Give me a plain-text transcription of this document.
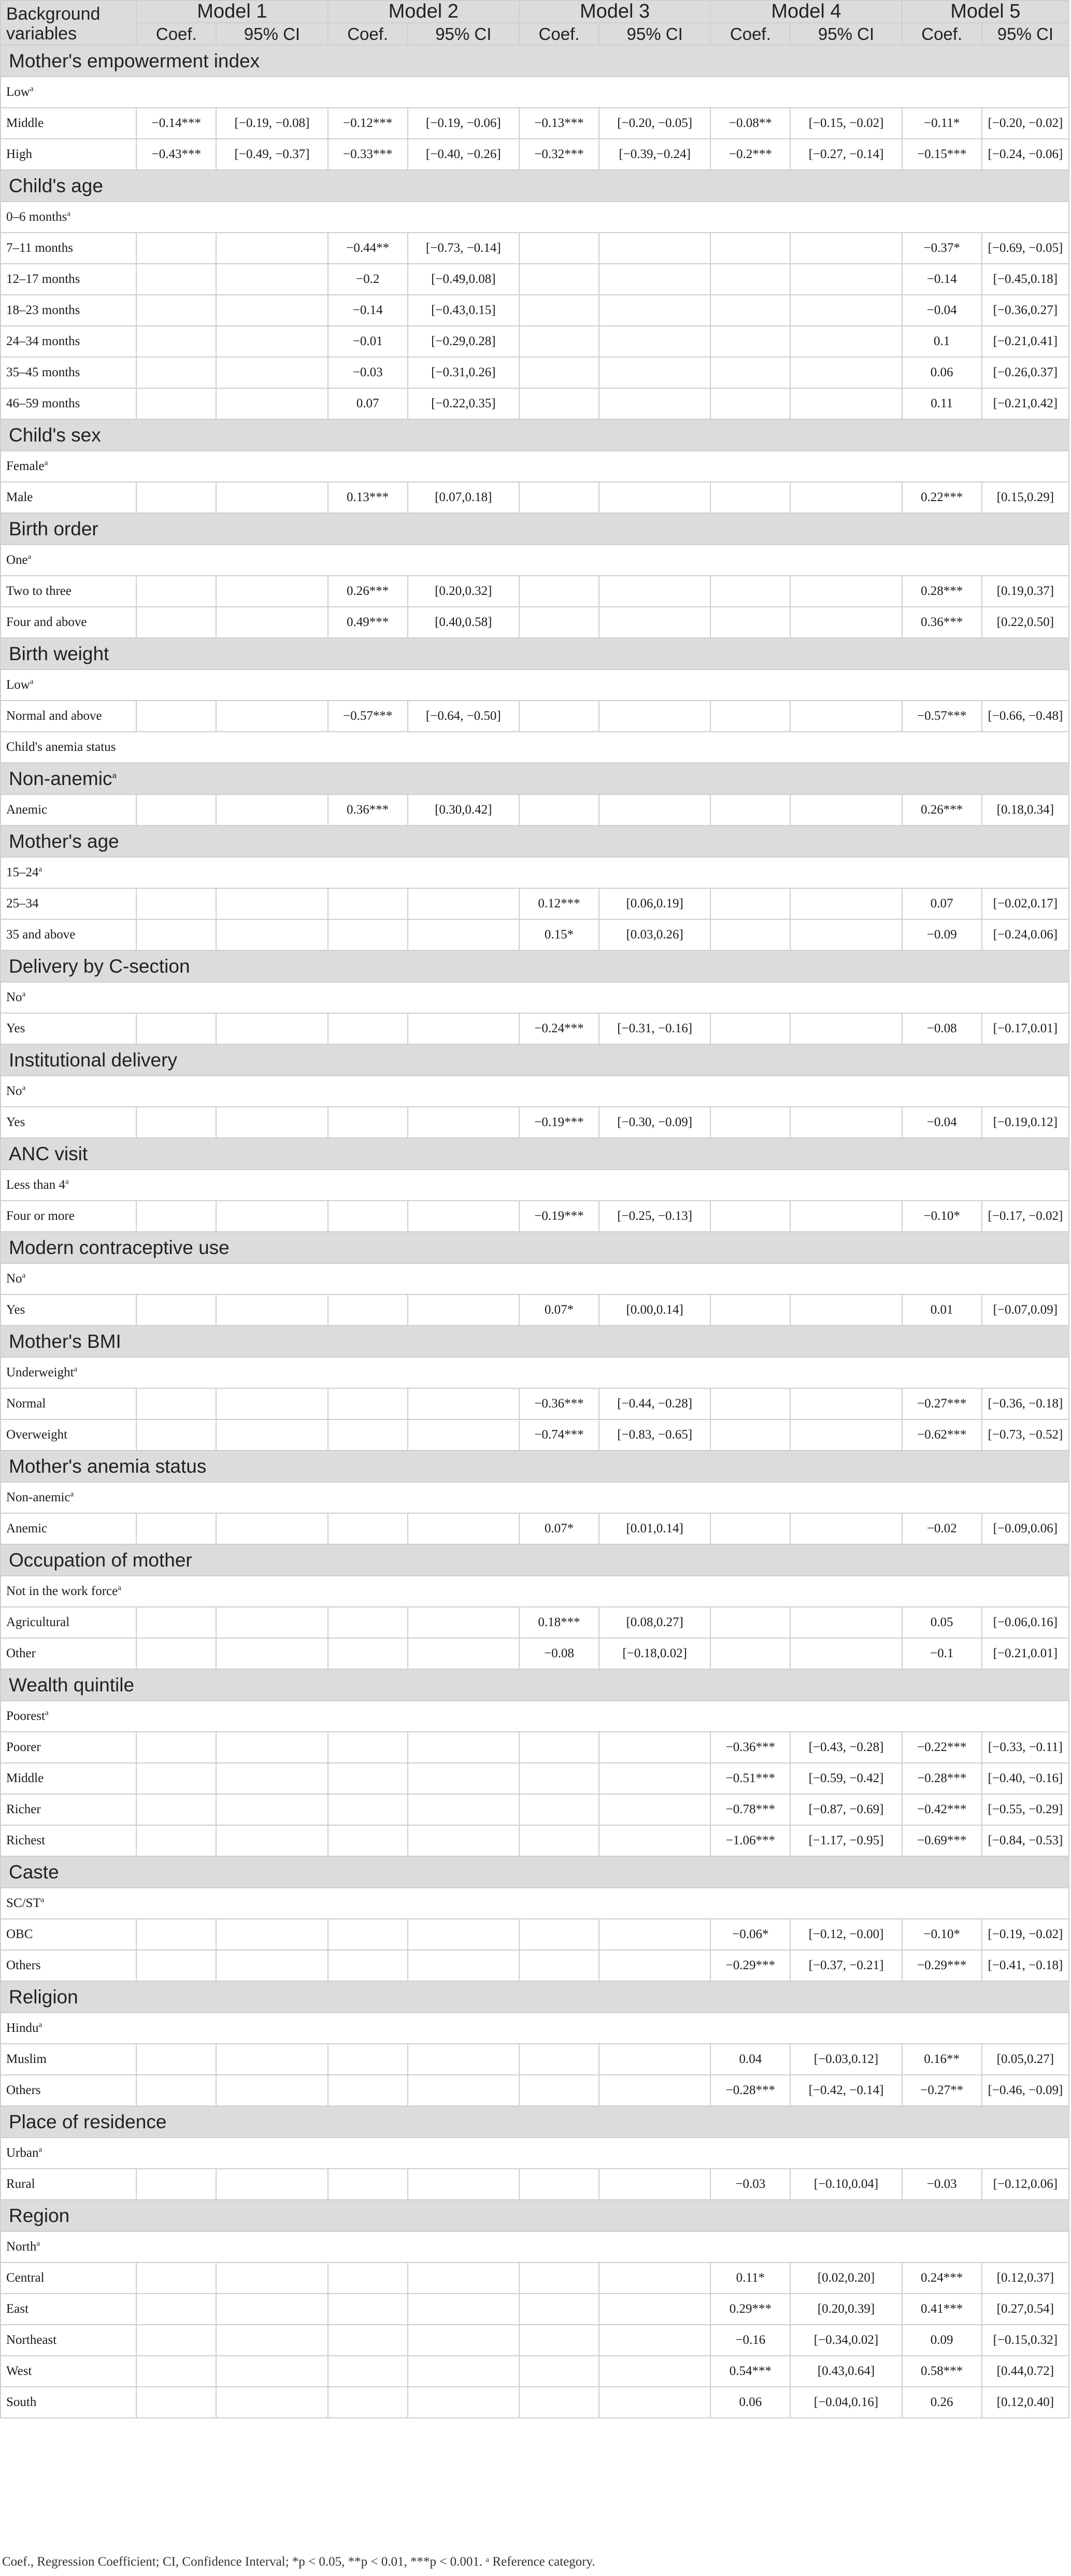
Background variables	Model 1		Model 2		Model 3		Model 4		Model 5	
	Coef.	95% CI	Coef.	95% CI	Coef.	95% CI	Coef.	95% CI	Coef.	95% CI
Mother's empowerment index										
Low$^a$
Middle	−0.14***	[−0.19, −0.08]	−0.12***	[−0.19, −0.06]	−0.13***	[−0.20, −0.05]	−0.08**	[−0.15, −0.02]	−0.11*	[−0.20, −0.02]
High	−0.43***	[−0.49, −0.37]	−0.33***	[−0.40, −0.26]	−0.32***	[−0.39,−0.24]	−0.2***	[−0.27, −0.14]	−0.15***	[−0.24, −0.06]
Child's age										
0–6 months$^a$
7–11 months			−0.44**	[−0.73, −0.14]					−0.37*	[−0.69, −0.05]
12–17 months			−0.2	[−0.49,0.08]					−0.14	[−0.45,0.18]
18–23 months			−0.14	[−0.43,0.15]					−0.04	[−0.36,0.27]
24–34 months			−0.01	[−0.29,0.28]					0.1	[−0.21,0.41]
35–45 months			−0.03	[−0.31,0.26]					0.06	[−0.26,0.37]
46–59 months			0.07	[−0.22,0.35]					0.11	[−0.21,0.42]
Child's sex										
Female$^a$
Male			0.13***	[0.07,0.18]					0.22***	[0.15,0.29]
Birth order										
One$^a$
Two to three			0.26***	[0.20,0.32]					0.28***	[0.19,0.37]
Four and above			0.49***	[0.40,0.58]					0.36***	[0.22,0.50]
Birth weight										
Low$^a$
Normal and above			−0.57***	[−0.64, −0.50]					−0.57***	[−0.66, −0.48]
Child's anemia status										
Non-anemic$^a$
Anemic			0.36***	[0.30,0.42]					0.26***	[0.18,0.34]
Mother's age										
15–24$^a$
25–34					0.12***	[0.06,0.19]			0.07	[−0.02,0.17]
35 and above					0.15*	[0.03,0.26]			−0.09	[−0.24,0.06]
Delivery by C-section										
No$^a$
Yes					−0.24***	[−0.31, −0.16]			−0.08	[−0.17,0.01]
Institutional delivery										
No$^a$
Yes					−0.19***	[−0.30, −0.09]			−0.04	[−0.19,0.12]
ANC visit										
Less than 4$^a$
Four or more					−0.19***	[−0.25, −0.13]			−0.10*	[−0.17, −0.02]
Modern contraceptive use										
No$^a$
Yes					0.07*	[0.00,0.14]			0.01	[−0.07,0.09]
Mother's BMI										
Underweight$^a$
Normal					−0.36***	[−0.44, −0.28]			−0.27***	[−0.36, −0.18]
Overweight					−0.74***	[−0.83, −0.65]			−0.62***	[−0.73, −0.52]
Mother's anemia status										
Non-anemic$^a$
Anemic					0.07*	[0.01,0.14]			−0.02	[−0.09,0.06]
Occupation of mother										
Not in the work force$^a$
Agricultural					0.18***	[0.08,0.27]			0.05	[−0.06,0.16]
Other					−0.08	[−0.18,0.02]			−0.1	[−0.21,0.01]
Wealth quintile										
Poorest$^a$
Poorer							−0.36***	[−0.43, −0.28]	−0.22***	[−0.33, −0.11]
Middle							−0.51***	[−0.59, −0.42]	−0.28***	[−0.40, −0.16]
Richer							−0.78***	[−0.87, −0.69]	−0.42***	[−0.55, −0.29]
Richest							−1.06***	[−1.17, −0.95]	−0.69***	[−0.84, −0.53]
Caste										
$SC/ST^a$
OBC							−0.06*	[−0.12, −0.00]	−0.10*	[−0.19, −0.02]
Others							−0.29***	[−0.37, −0.21]	−0.29***	[−0.41, −0.18]
Religion										
Hindu$^a$
Muslim							0.04	[−0.03,0.12]	0.16**	[0.05,0.27]
Others							−0.28***	[−0.42, −0.14]	−0.27**	[−0.46, −0.09]
Place of residence										
Urban$^a$
Rural							−0.03	[−0.10,0.04]	−0.03	[−0.12,0.06]
Region										
North$^a$
Central							0.11*	[0.02,0.20]	0.24***	[0.12,0.37]
East							0.29***	[0.20,0.39]	0.41***	[0.27,0.54]
Northeast							−0.16	[−0.34,0.02]	0.09	[−0.15,0.32]
West							0.54***	[0.43,0.64]	0.58***	[0.44,0.72]
South							0.06	[−0.04,0.16]	0.26	[0.12,0.40]
Coef., Regression Coefficient; CI, Confidence Interval; *p < 0.05, **p < 0.01, ***p < 0.001. ᵃ Reference category.
